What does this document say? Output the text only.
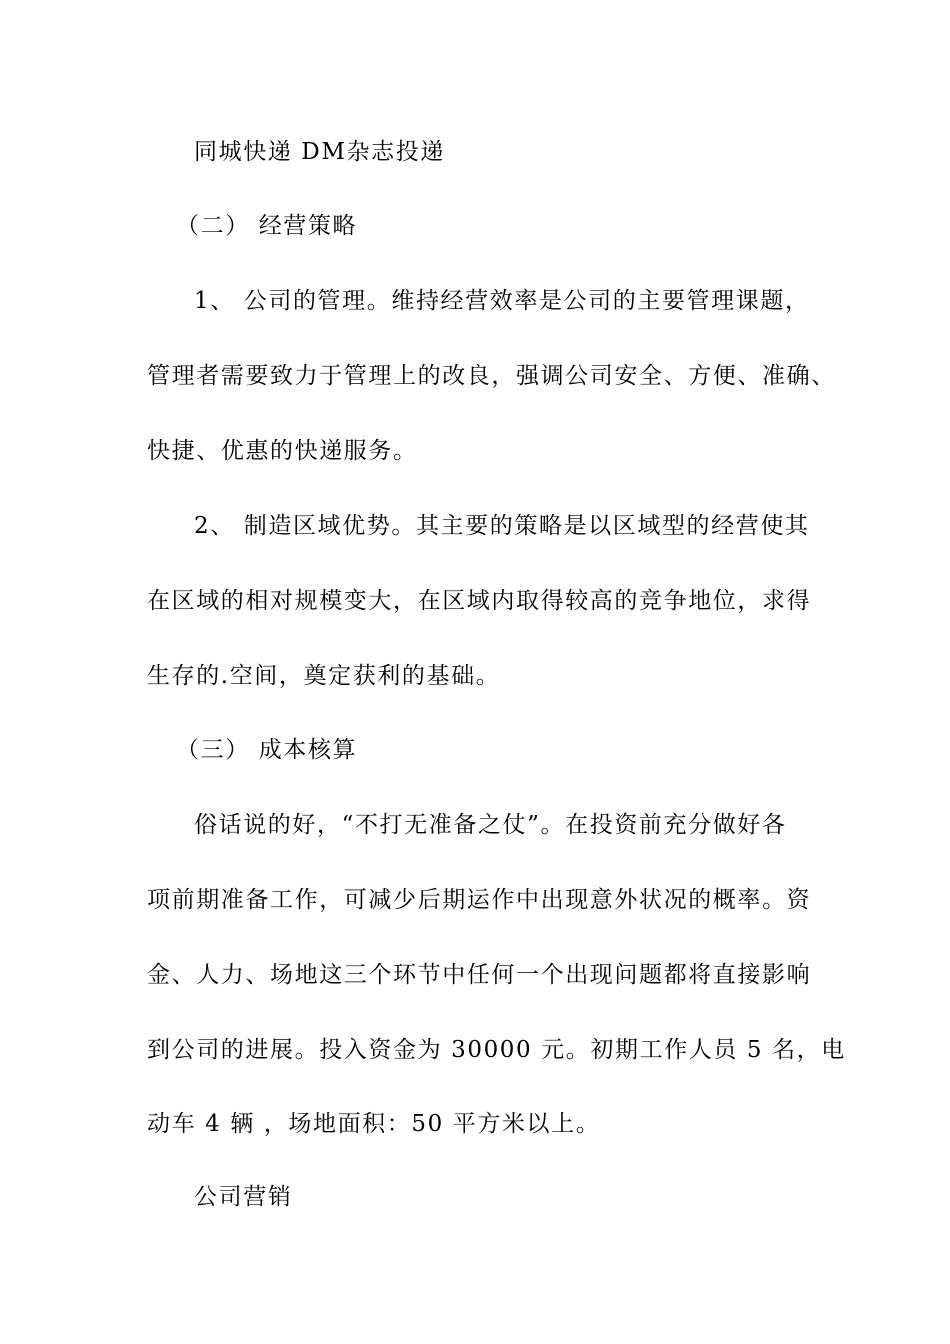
同城快递 DM杂志投递
（二） 经营策略
1、 公司的管理。维持经营效率是公司的主要管理课题，
管理者需要致力于管理上的改良，强调公司安全、方便、准确、
快捷、优惠的快递服务。
2、 制造区域优势。其主要的策略是以区域型的经营使其
在区域的相对规模变大，在区域内取得较高的竞争地位，求得
生存的.空间，奠定获利的基础。
（三） 成本核算
俗话说的好，“不打无准备之仗”。在投资前充分做好各
项前期准备工作，可减少后期运作中出现意外状况的概率。资
金、人力、场地这三个环节中任何一个出现问题都将直接影响
到公司的进展。投入资金为 30000 元。初期工作人员 5 名，电
动车 4 辆 ，场地面积：50 平方米以上。
公司营销
